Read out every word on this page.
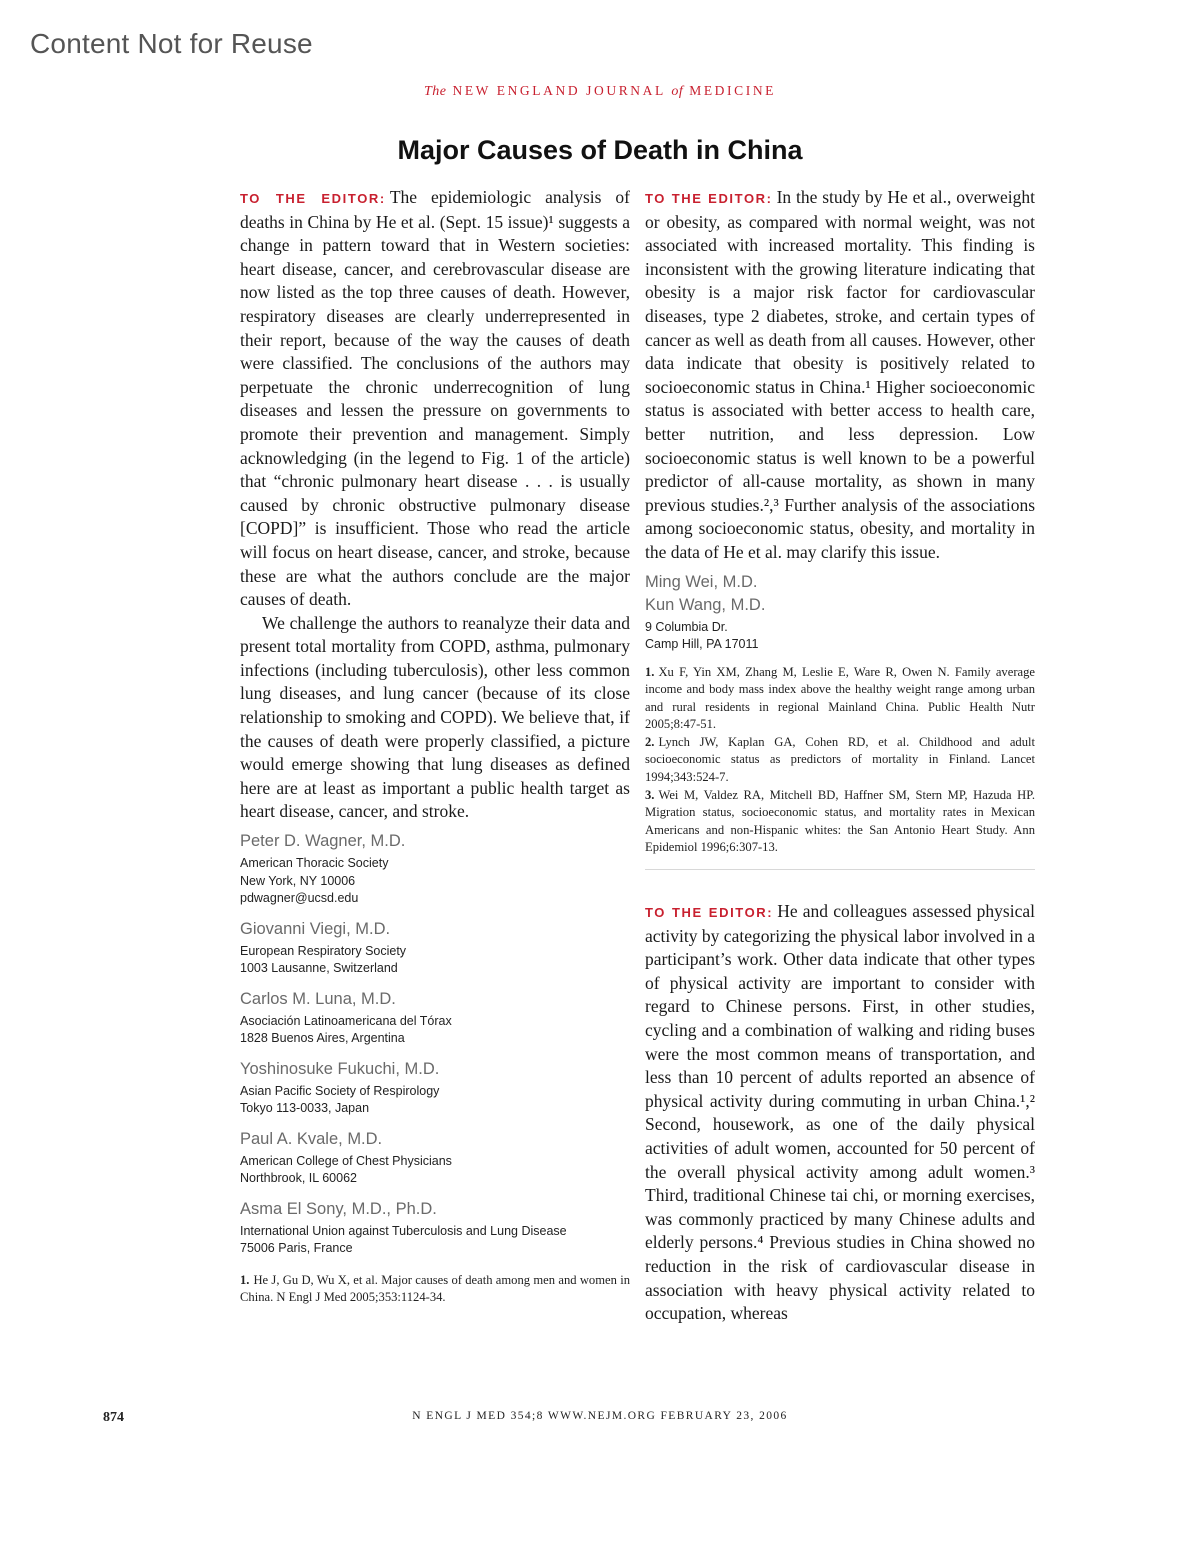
Content Not for Reuse
The NEW ENGLAND JOURNAL of MEDICINE
Major Causes of Death in China

TO THE EDITOR: The epidemiologic analysis of deaths in China by He et al. (Sept. 15 issue)¹ suggests a change in pattern toward that in Western societies: heart disease, cancer, and cerebrovascular disease are now listed as the top three causes of death. However, respiratory diseases are clearly underrepresented in their report, because of the way the causes of death were classified. The conclusions of the authors may perpetuate the chronic underrecognition of lung diseases and lessen the pressure on governments to promote their prevention and management. Simply acknowledging (in the legend to Fig. 1 of the article) that “chronic pulmonary heart disease . . . is usually caused by chronic obstructive pulmonary disease [COPD]” is insufficient. Those who read the article will focus on heart disease, cancer, and stroke, because these are what the authors conclude are the major causes of death.

We challenge the authors to reanalyze their data and present total mortality from COPD, asthma, pulmonary infections (including tuberculosis), other less common lung diseases, and lung cancer (because of its close relationship to smoking and COPD). We believe that, if the causes of death were properly classified, a picture would emerge showing that lung diseases as defined here are at least as important a public health target as heart disease, cancer, and stroke.

Peter D. Wagner, M.D.

American Thoracic Society
New York, NY 10006
pdwagner@ucsd.edu

Giovanni Viegi, M.D.

European Respiratory Society
1003 Lausanne, Switzerland

Carlos M. Luna, M.D.

Asociación Latinoamericana del Tórax
1828 Buenos Aires, Argentina

Yoshinosuke Fukuchi, M.D.

Asian Pacific Society of Respirology
Tokyo 113-0033, Japan

Paul A. Kvale, M.D.

American College of Chest Physicians
Northbrook, IL 60062

Asma El Sony, M.D., Ph.D.

International Union against Tuberculosis and Lung Disease
75006 Paris, France

1. He J, Gu D, Wu X, et al. Major causes of death among men and women in China. N Engl J Med 2005;353:1124-34.

TO THE EDITOR: In the study by He et al., overweight or obesity, as compared with normal weight, was not associated with increased mortality. This finding is inconsistent with the growing literature indicating that obesity is a major risk factor for cardiovascular diseases, type 2 diabetes, stroke, and certain types of cancer as well as death from all causes. However, other data indicate that obesity is positively related to socioeconomic status in China.¹ Higher socioeconomic status is associated with better access to health care, better nutrition, and less depression. Low socioeconomic status is well known to be a powerful predictor of all-cause mortality, as shown in many previous studies.²,³ Further analysis of the associations among socioeconomic status, obesity, and mortality in the data of He et al. may clarify this issue.

Ming Wei, M.D.

Kun Wang, M.D.

9 Columbia Dr.
Camp Hill, PA 17011

1. Xu F, Yin XM, Zhang M, Leslie E, Ware R, Owen N. Family average income and body mass index above the healthy weight range among urban and rural residents in regional Mainland China. Public Health Nutr 2005;8:47-51.

2. Lynch JW, Kaplan GA, Cohen RD, et al. Childhood and adult socioeconomic status as predictors of mortality in Finland. Lancet 1994;343:524-7.

3. Wei M, Valdez RA, Mitchell BD, Haffner SM, Stern MP, Hazuda HP. Migration status, socioeconomic status, and mortality rates in Mexican Americans and non-Hispanic whites: the San Antonio Heart Study. Ann Epidemiol 1996;6:307-13.

TO THE EDITOR: He and colleagues assessed physical activity by categorizing the physical labor involved in a participant’s work. Other data indicate that other types of physical activity are important to consider with regard to Chinese persons. First, in other studies, cycling and a combination of walking and riding buses were the most common means of transportation, and less than 10 percent of adults reported an absence of physical activity during commuting in urban China.¹,² Second, housework, as one of the daily physical activities of adult women, accounted for 50 percent of the overall physical activity among adult women.³ Third, traditional Chinese tai chi, or morning exercises, was commonly practiced by many Chinese adults and elderly persons.⁴ Previous studies in China showed no reduction in the risk of cardiovascular disease in association with heavy physical activity related to occupation, whereas

874	N ENGL J MED 354;8 WWW.NEJM.ORG FEBRUARY 23, 2006
